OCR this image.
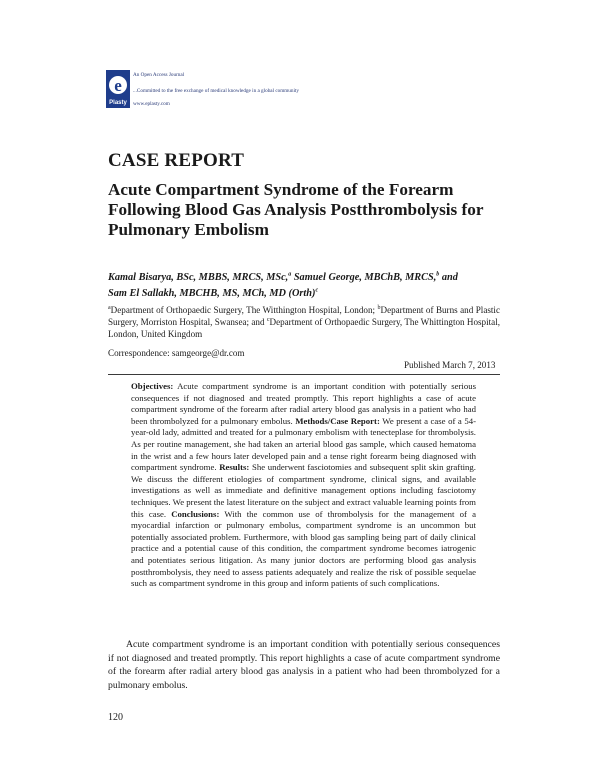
e
Plasty
An Open Access Journal
...Committed to the free exchange of medical knowledge in a global community
www.eplasty.com
CASE REPORT
Acute Compartment Syndrome of the Forearm
Following Blood Gas Analysis Postthrombolysis for
Pulmonary Embolism
Kamal Bisarya, BSc, MBBS, MRCS, MSc,$^a$ Samuel George, MBChB, MRCS,$^b$ and
Sam El Sallakh, MBCHB, MS, MCh, MD (Orth)$^c$
$^a$Department of Orthopaedic Surgery, The Witthington Hospital, London; $^b$Department of Burns and Plastic Surgery, Morriston Hospital, Swansea; and $^c$Department of Orthopaedic Surgery, The Whittington Hospital, London, United Kingdom
Correspondence: samgeorge@dr.com
Published March 7, 2013
Objectives: Acute compartment syndrome is an important condition with potentially serious consequences if not diagnosed and treated promptly. This report highlights a case of acute compartment syndrome of the forearm after radial artery blood gas analysis in a patient who had been thrombolyzed for a pulmonary embolus. Methods/Case Report: We present a case of a 54-year-old lady, admitted and treated for a pulmonary embolism with tenecteplase for thrombolysis. As per routine management, she had taken an arterial blood gas sample, which caused hematoma in the wrist and a few hours later developed pain and a tense right forearm being diagnosed with compartment syndrome. Results: She underwent fasciotomies and subsequent split skin grafting. We discuss the different etiologies of compartment syndrome, clinical signs, and available investigations as well as immediate and definitive management options including fasciotomy techniques. We present the latest literature on the subject and extract valuable learning points from this case. Conclusions: With the common use of thrombolysis for the management of a myocardial infarction or pulmonary embolus, compartment syndrome is an uncommon but potentially associated problem. Furthermore, with blood gas sampling being part of daily clinical practice and a potential cause of this condition, the compartment syndrome becomes iatrogenic and potentiates serious litigation. As many junior doctors are performing blood gas analysis postthrombolysis, they need to assess patients adequately and realize the risk of possible sequelae such as compartment syndrome in this group and inform patients of such complications.

Acute compartment syndrome is an important condition with potentially serious consequences if not diagnosed and treated promptly. This report highlights a case of acute compartment syndrome of the forearm after radial artery blood gas analysis in a patient who had been thrombolyzed for a pulmonary embolus.

120
